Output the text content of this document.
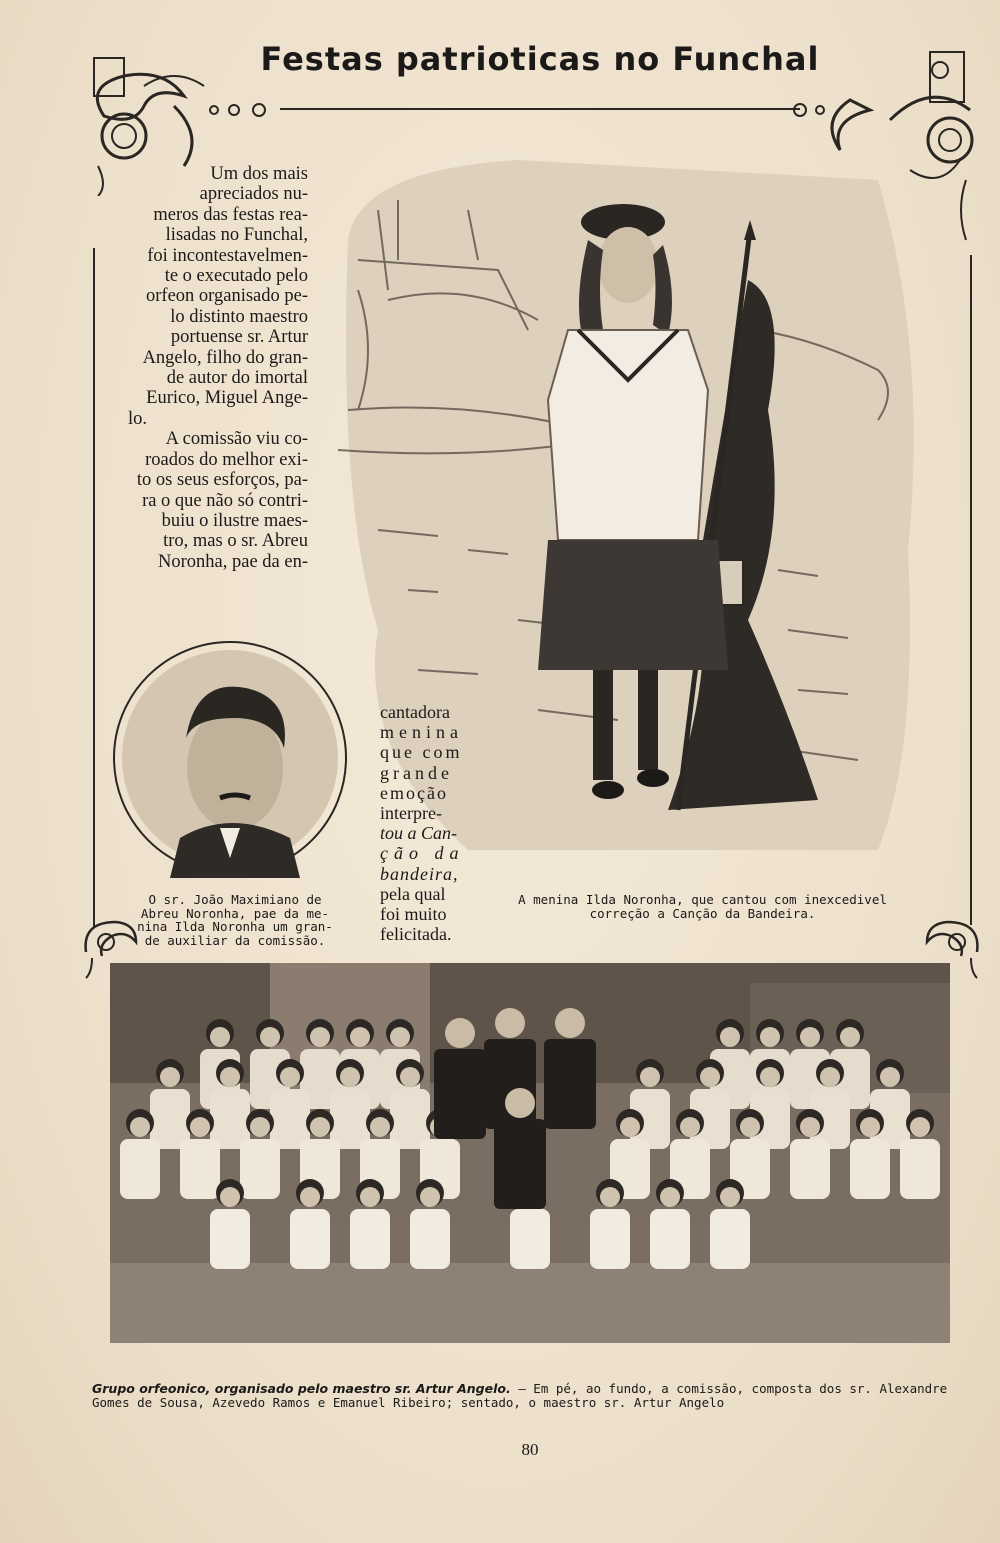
Festas patrioticas no Funchal

Um dos mais

apreciados nu-

meros das festas rea-

lisadas no Funchal,

foi incontestavelmen-

te o executado pelo

orfeon organisado pe-

lo distinto maestro

portuense sr. Artur

Angelo, filho do gran-

de autor do imortal

Eurico, Miguel Ange-

lo.

A comissão viu co-

roados do melhor exi-

to os seus esforços, pa-

ra o que não só contri-

buiu o ilustre maes-

tro, mas o sr. Abreu

Noronha, pae da en-

O sr. João Maximiano de
Abreu Noronha, pae da me-
nina Ilda Noronha um gran-
de auxiliar da comissão.

cantadora

menina

que com

grande

emoção

interpre-

tou a Can-

ção da

bandeira,

pela qual

foi muito

felicitada.

A menina Ilda Noronha, que cantou com inexcedivel
correção a Canção da Bandeira.
Grupo orfeonico, organisado pelo maestro sr. Artur Angelo. — Em pé, ao fundo, a comissão, composta dos sr. Alexandre Gomes de Sousa, Azevedo Ramos e Emanuel Ribeiro; sentado, o maestro sr. Artur Angelo
80
